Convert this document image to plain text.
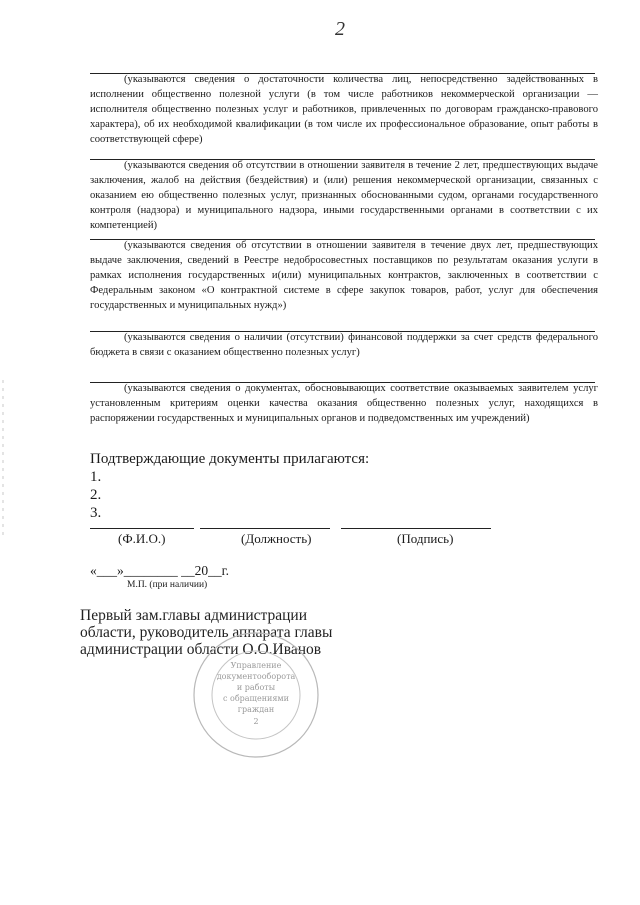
2

(указываются сведения о достаточности количества лиц, непосредственно задействованных в исполнении общественно полезной услуги (в том числе работников некоммерческой организации — исполнителя общественно полезных услуг и работников, привлеченных по договорам гражданско-правового характера), об их необходимой квалификации (в том числе их профессиональное образование, опыт работы в соответствующей сфере)

(указываются сведения об отсутствии в отношении заявителя в течение 2 лет, предшествующих выдаче заключения, жалоб на действия (бездействия) и (или) решения некоммерческой организации, связанных с оказанием ею общественно полезных услуг, признанных обоснованными судом, органами государственного контроля (надзора) и муниципального надзора, иными государственными органами в соответствии с их компетенцией)

(указываются сведения об отсутствии в отношении заявителя в течение двух лет, предшествующих выдаче заключения, сведений в Реестре недобросовестных поставщиков по результатам оказания услуги в рамках исполнения государственных и(или) муниципальных контрактов, заключенных в соответствии с Федеральным законом «О контрактной системе в сфере закупок товаров, работ, услуг для обеспечения государственных и муниципальных нужд»)

(указываются сведения о наличии (отсутствии) финансовой поддержки за счет средств федерального бюджета в связи с оказанием общественно полезных услуг)

(указываются сведения о документах, обосновывающих соответствие оказываемых заявителем услуг установленным критериям оценки качества оказания общественно полезных услуг, находящихся в распоряжении государственных и муниципальных органов и подведомственных им учреждений)

Подтверждающие документы прилагаются:
1.
2.
3.
(Ф.И.О.)	(Должность)	(Подпись)
«___»________ __20__г.
М.П. (при наличии)
Первый зам.главы администрации
области, руководитель аппарата главы
администрации области О.О.Иванов
Управление
документооборота
и работы
с обращениями
граждан
2
